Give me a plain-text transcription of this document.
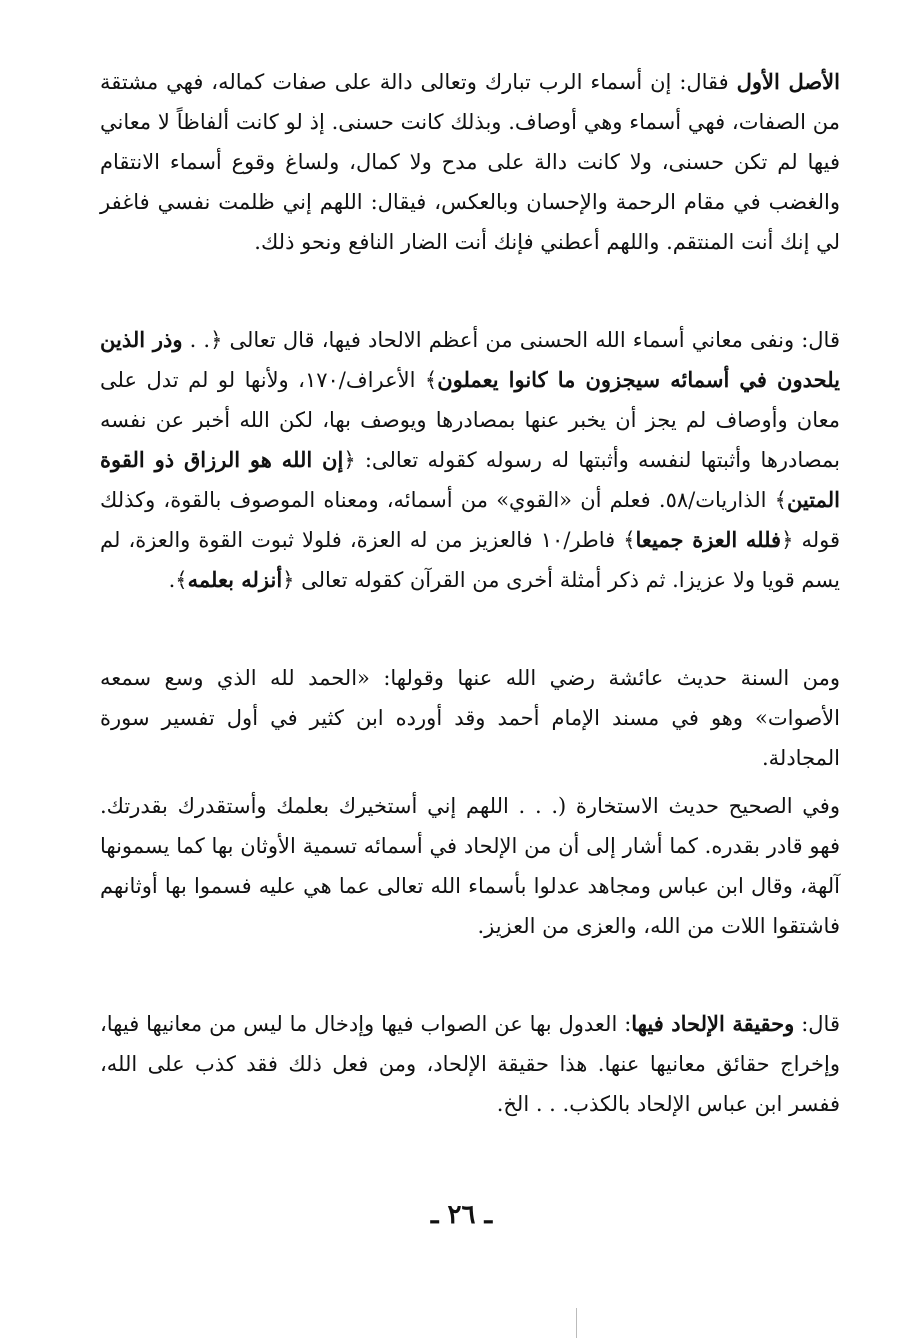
الأصل الأول فقال: إن أسماء الرب تبارك وتعالى دالة على صفات كماله، فهي مشتقة من الصفات، فهي أسماء وهي أوصاف. وبذلك كانت حسنى. إذ لو كانت ألفاظاً لا معاني فيها لم تكن حسنى، ولا كانت دالة على مدح ولا كمال، ولساغ وقوع أسماء الانتقام والغضب في مقام الرحمة والإحسان وبالعكس، فيقال: اللهم إني ظلمت نفسي فاغفر لي إنك أنت المنتقم. واللهم أعطني فإنك أنت الضار النافع ونحو ذلك.

قال: ونفى معاني أسماء الله الحسنى من أعظم الالحاد فيها، قال تعالى ﴿. . وذر الذين يلحدون في أسمائه سيجزون ما كانوا يعملون﴾ الأعراف/١٧٠، ولأنها لو لم تدل على معان وأوصاف لم يجز أن يخبر عنها بمصادرها ويوصف بها، لكن الله أخبر عن نفسه بمصادرها وأثبتها لنفسه وأثبتها له رسوله كقوله تعالى: ﴿إن الله هو الرزاق ذو القوة المتين﴾ الذاريات/٥٨. فعلم أن «القوي» من أسمائه، ومعناه الموصوف بالقوة، وكذلك قوله ﴿فلله العزة جميعا﴾ فاطر/١٠ فالعزيز من له العزة، فلولا ثبوت القوة والعزة، لم يسم قويا ولا عزيزا. ثم ذكر أمثلة أخرى من القرآن كقوله تعالى ﴿أنزله بعلمه﴾.

ومن السنة حديث عائشة رضي الله عنها وقولها: «الحمد لله الذي وسع سمعه الأصوات» وهو في مسند الإمام أحمد وقد أورده ابن كثير في أول تفسير سورة المجادلة.

وفي الصحيح حديث الاستخارة (. . . اللهم إني أستخيرك بعلمك وأستقدرك بقدرتك. فهو قادر بقدره. كما أشار إلى أن من الإلحاد في أسمائه تسمية الأوثان بها كما يسمونها آلهة، وقال ابن عباس ومجاهد عدلوا بأسماء الله تعالى عما هي عليه فسموا بها أوثانهم فاشتقوا اللات من الله، والعزى من العزيز.

قال: وحقيقة الإلحاد فيها: العدول بها عن الصواب فيها وإدخال ما ليس من معانيها فيها، وإخراج حقائق معانيها عنها. هذا حقيقة الإلحاد، ومن فعل ذلك فقد كذب على الله، ففسر ابن عباس الإلحاد بالكذب. . . الخ.

ـ ٢٦ ـ
